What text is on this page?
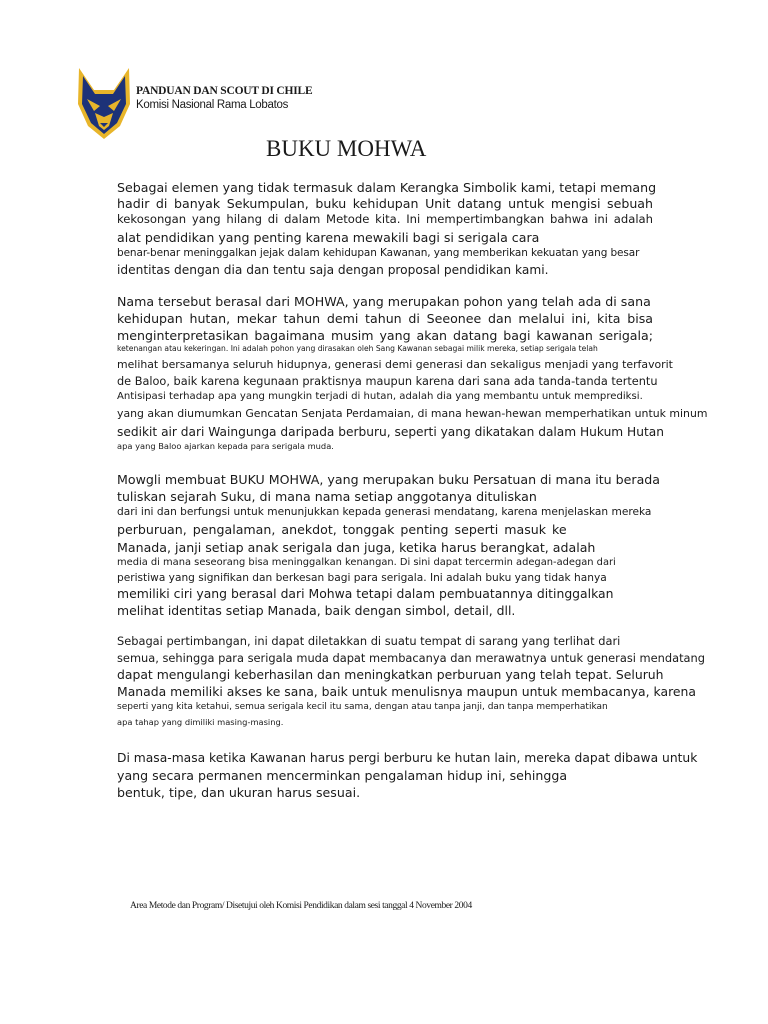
PANDUAN DAN SCOUT DI CHILE
Komisi Nasional Rama Lobatos
BUKU MOHWA
Sebagai elemen yang tidak termasuk dalam Kerangka Simbolik kami, tetapi memang
hadir di banyak Sekumpulan, buku kehidupan Unit datang untuk mengisi sebuah
kekosongan yang hilang di dalam Metode kita. Ini mempertimbangkan bahwa ini adalah
alat pendidikan yang penting karena mewakili bagi si serigala cara
benar-benar meninggalkan jejak dalam kehidupan Kawanan, yang memberikan kekuatan yang besar
identitas dengan dia dan tentu saja dengan proposal pendidikan kami.
Nama tersebut berasal dari MOHWA, yang merupakan pohon yang telah ada di sana
kehidupan hutan, mekar tahun demi tahun di Seeonee dan melalui ini, kita bisa
menginterpretasikan bagaimana musim yang akan datang bagi kawanan serigala;
ketenangan atau kekeringan. Ini adalah pohon yang dirasakan oleh Sang Kawanan sebagai milik mereka, setiap serigala telah
melihat bersamanya seluruh hidupnya, generasi demi generasi dan sekaligus menjadi yang terfavorit
de Baloo, baik karena kegunaan praktisnya maupun karena dari sana ada tanda-tanda tertentu
Antisipasi terhadap apa yang mungkin terjadi di hutan, adalah dia yang membantu untuk memprediksi.
yang akan diumumkan Gencatan Senjata Perdamaian, di mana hewan-hewan memperhatikan untuk minum
sedikit air dari Waingunga daripada berburu, seperti yang dikatakan dalam Hukum Hutan
apa yang Baloo ajarkan kepada para serigala muda.
Mowgli membuat BUKU MOHWA, yang merupakan buku Persatuan di mana itu berada
tuliskan sejarah Suku, di mana nama setiap anggotanya dituliskan
dari ini dan berfungsi untuk menunjukkan kepada generasi mendatang, karena menjelaskan mereka
perburuan, pengalaman, anekdot, tonggak penting seperti masuk ke
Manada, janji setiap anak serigala dan juga, ketika harus berangkat, adalah
media di mana seseorang bisa meninggalkan kenangan. Di sini dapat tercermin adegan-adegan dari
peristiwa yang signifikan dan berkesan bagi para serigala. Ini adalah buku yang tidak hanya
memiliki ciri yang berasal dari Mohwa tetapi dalam pembuatannya ditinggalkan
melihat identitas setiap Manada, baik dengan simbol, detail, dll.
Sebagai pertimbangan, ini dapat diletakkan di suatu tempat di sarang yang terlihat dari
semua, sehingga para serigala muda dapat membacanya dan merawatnya untuk generasi mendatang
dapat mengulangi keberhasilan dan meningkatkan perburuan yang telah tepat. Seluruh
Manada memiliki akses ke sana, baik untuk menulisnya maupun untuk membacanya, karena
seperti yang kita ketahui, semua serigala kecil itu sama, dengan atau tanpa janji, dan tanpa memperhatikan
apa tahap yang dimiliki masing-masing.
Di masa-masa ketika Kawanan harus pergi berburu ke hutan lain, mereka dapat dibawa untuk
yang secara permanen mencerminkan pengalaman hidup ini, sehingga
bentuk, tipe, dan ukuran harus sesuai.
Area Metode dan Program/ Disetujui oleh Komisi Pendidikan dalam sesi tanggal 4 November 2004
